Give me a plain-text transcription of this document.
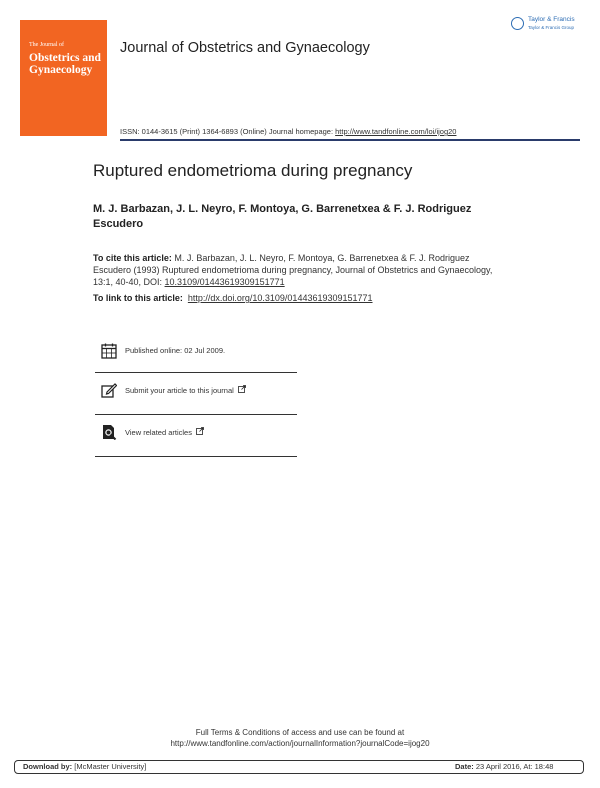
The Journal of
Obstetrics and
Gynaecology
Journal of Obstetrics and Gynaecology
Taylor & Francis
Taylor & Francis Group
ISSN: 0144-3615 (Print) 1364-6893 (Online) Journal homepage: http://www.tandfonline.com/loi/ijog20
Ruptured endometrioma during pregnancy
M. J. Barbazan, J. L. Neyro, F. Montoya, G. Barrenetxea & F. J. Rodriguez Escudero
To cite this article: M. J. Barbazan, J. L. Neyro, F. Montoya, G. Barrenetxea & F. J. Rodriguez Escudero (1993) Ruptured endometrioma during pregnancy, Journal of Obstetrics and Gynaecology, 13:1, 40-40, DOI: 10.3109/01443619309151771
To link to this article: http://dx.doi.org/10.3109/01443619309151771
Published online: 02 Jul 2009.
Submit your article to this journal
View related articles
Full Terms & Conditions of access and use can be found at
http://www.tandfonline.com/action/journalInformation?journalCode=ijog20
Download by: [McMaster University]	Date: 23 April 2016, At: 18:48
